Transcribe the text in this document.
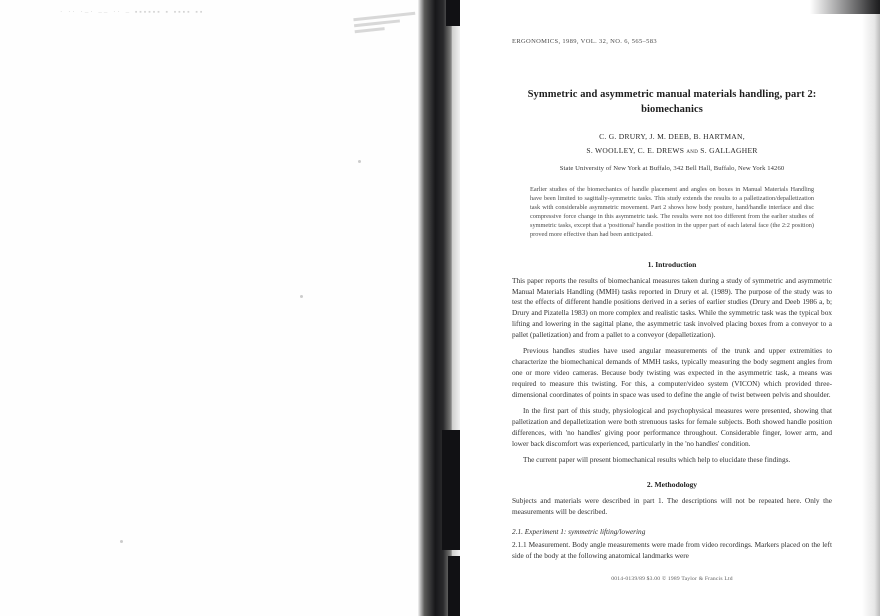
· ·· ·‒· ‒‒ ·· ‒ ▪▪▪▪▪▪ ▪ ▪▪▪▪ ▪▪
ERGONOMICS, 1989, VOL. 32, NO. 6, 565–583
Symmetric and asymmetric manual materials handling, part 2: biomechanics
C. G. DRURY, J. M. DEEB, B. HARTMAN,
S. WOOLLEY, C. E. DREWS and S. GALLAGHER
State University of New York at Buffalo, 342 Bell Hall, Buffalo, New York 14260
Earlier studies of the biomechanics of handle placement and angles on boxes in Manual Materials Handling have been limited to sagittally-symmetric tasks. This study extends the results to a palletization/depalletization task with considerable asymmetric movement. Part 2 shows how body posture, hand/handle interface and disc compressive force change in this asymmetric task. The results were not too different from the earlier studies of symmetric tasks, except that a 'positional' handle position in the upper part of each lateral face (the 2:2 position) proved more effective than had been anticipated.
1. Introduction
This paper reports the results of biomechanical measures taken during a study of symmetric and asymmetric Manual Materials Handling (MMH) tasks reported in Drury et al. (1989). The purpose of the study was to test the effects of different handle positions derived in a series of earlier studies (Drury and Deeb 1986 a, b; Drury and Pizatella 1983) on more complex and realistic tasks. While the symmetric task was the typical box lifting and lowering in the sagittal plane, the asymmetric task involved placing boxes from a conveyor to a pallet (palletization) and from a pallet to a conveyor (depalletization).
Previous handles studies have used angular measurements of the trunk and upper extremities to characterize the biomechanical demands of MMH tasks, typically measuring the body segment angles from one or more video cameras. Because body twisting was expected in the asymmetric task, a means was required to measure this twisting. For this, a computer/video system (VICON) which provided three-dimensional coordinates of points in space was used to define the angle of twist between pelvis and shoulder.
In the first part of this study, physiological and psychophysical measures were presented, showing that palletization and depalletization were both strenuous tasks for female subjects. Both showed handle position differences, with 'no handles' giving poor performance throughout. Considerable finger, lower arm, and lower back discomfort was experienced, particularly in the 'no handles' condition.
The current paper will present biomechanical results which help to elucidate these findings.
2. Methodology
Subjects and materials were described in part 1. The descriptions will not be repeated here. Only the measurements will be described.
2.1. Experiment 1: symmetric lifting/lowering
2.1.1 Measurement. Body angle measurements were made from video recordings. Markers placed on the left side of the body at the following anatomical landmarks were
0014-0139/89 $3.00 © 1989 Taylor & Francis Ltd
